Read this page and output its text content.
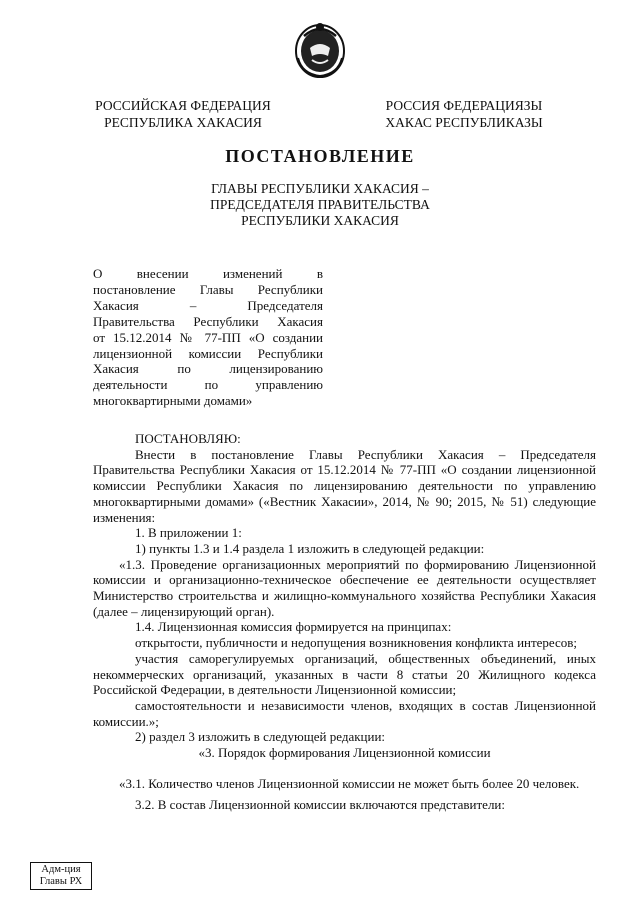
РОССИЙСКАЯ ФЕДЕРАЦИЯ
РЕСПУБЛИКА ХАКАСИЯ
РОССИЯ ФЕДЕРАЦИЯЗЫ
ХАКАС РЕСПУБЛИКАЗЫ
ПОСТАНОВЛЕНИЕ
ГЛАВЫ РЕСПУБЛИКИ ХАКАСИЯ –
ПРЕДСЕДАТЕЛЯ ПРАВИТЕЛЬСТВА
РЕСПУБЛИКИ ХАКАСИЯ
О внесении изменений в
постановление Главы Республики
Хакасия – Председателя
Правительства Республики Хакасия
от 15.12.2014 № 77-ПП «О создании
лицензионной комиссии Республики
Хакасия по лицензированию
деятельности по управлению
многоквартирными домами»

ПОСТАНОВЛЯЮ:

Внести в постановление Главы Республики Хакасия – Председателя Правительства Республики Хакасия от 15.12.2014 № 77-ПП «О создании лицензионной комиссии Республики Хакасия по лицензированию деятельности по управлению многоквартирными домами» («Вестник Хакасии», 2014, № 90; 2015, № 51) следующие изменения:

1. В приложении 1:

1) пункты 1.3 и 1.4 раздела 1 изложить в следующей редакции:

«1.3. Проведение организационных мероприятий по формированию Лицензионной комиссии и организационно-техническое обеспечение ее деятельности осуществляет Министерство строительства и жилищно-коммунального хозяйства Республики Хакасия (далее – лицензирующий орган).

1.4. Лицензионная комиссия формируется на принципах:

открытости, публичности и недопущения возникновения конфликта интересов;

участия саморегулируемых организаций, общественных объединений, иных некоммерческих организаций, указанных в части 8 статьи 20 Жилищного кодекса Российской Федерации, в деятельности Лицензионной комиссии;

самостоятельности и независимости членов, входящих в состав Лицензионной комиссии.»;

2) раздел 3 изложить в следующей редакции:

«3. Порядок формирования Лицензионной комиссии

«3.1. Количество членов Лицензионной комиссии не может быть более 20 человек.

3.2. В состав Лицензионной комиссии включаются представители:

Адм-ция
Главы РХ
